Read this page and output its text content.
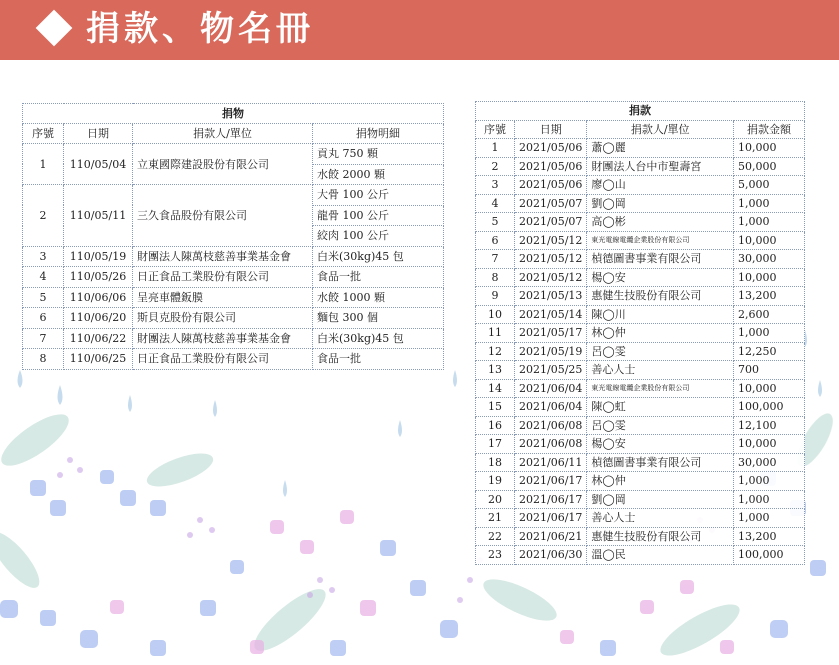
捐款、物名冊
捐物			
序號	日期	捐款人/單位	捐物明細
1	110/05/04	立東國際建設股份有限公司	貢丸 750 顆
			水餃 2000 顆
2	110/05/11	三久食品股份有限公司	大骨 100 公斤
			龍骨 100 公斤
			絞肉 100 公斤
3	110/05/19	財團法人陳萬枝慈善事業基金會	白米(30kg)45 包
4	110/05/26	日正食品工業股份有限公司	食品一批
5	110/06/06	呈亮車體鈑膜	水餃 1000 顆
6	110/06/20	斯貝克股份有限公司	麵包 300 個
7	110/06/22	財團法人陳萬枝慈善事業基金會	白米(30kg)45 包
8	110/06/25	日正食品工業股份有限公司	食品一批
捐款			
序號	日期	捐款人/單位	捐款金額
1	2021/05/06	蕭◯麗	10,000
2	2021/05/06	財團法人台中市聖壽宮	50,000
3	2021/05/06	廖◯山	5,000
4	2021/05/07	劉◯岡	1,000
5	2021/05/07	高◯彬	1,000
6	2021/05/12	東光電線電纜企業股份有限公司	10,000
7	2021/05/12	楨德圖書事業有限公司	30,000
8	2021/05/12	楊◯安	10,000
9	2021/05/13	惠健生技股份有限公司	13,200
10	2021/05/14	陳◯川	2,600
11	2021/05/17	林◯仲	1,000
12	2021/05/19	呂◯雯	12,250
13	2021/05/25	善心人士	700
14	2021/06/04	東光電線電纜企業股份有限公司	10,000
15	2021/06/04	陳◯虹	100,000
16	2021/06/08	呂◯雯	12,100
17	2021/06/08	楊◯安	10,000
18	2021/06/11	楨德圖書事業有限公司	30,000
19	2021/06/17	林◯仲	1,000
20	2021/06/17	劉◯岡	1,000
21	2021/06/17	善心人士	1,000
22	2021/06/21	惠健生技股份有限公司	13,200
23	2021/06/30	溫◯民	100,000
